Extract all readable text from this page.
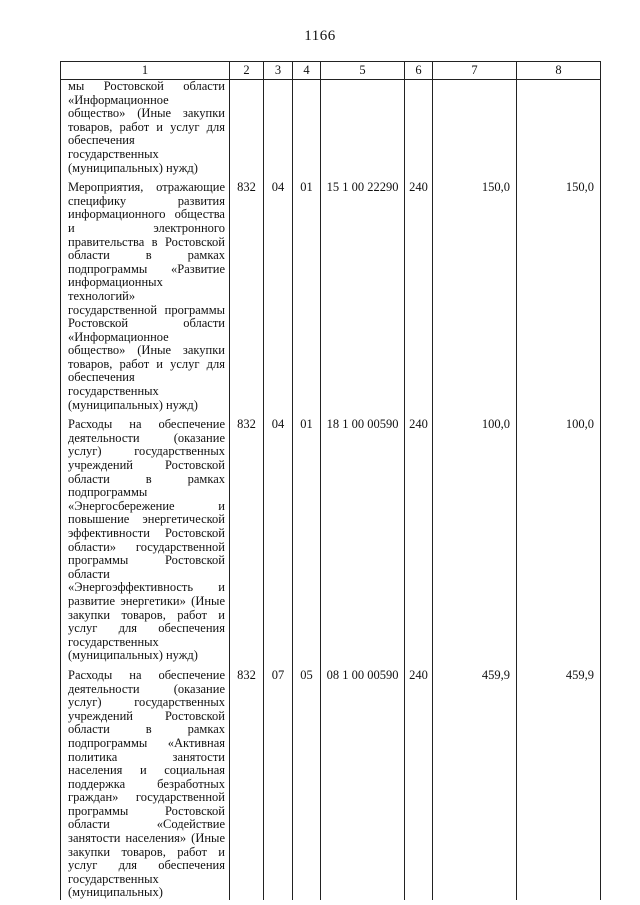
1166
1	2	3	4	5	6	7	8
мы Ростовской области «Информационное общество» (Иные закупки товаров, работ и услуг для обеспечения государственных (муниципальных) нужд)							
Мероприятия, отражающие специфику развития информационного общества и электронного правительства в Ростовской области в рамках подпрограммы «Развитие информационных технологий» государственной программы Ростовской области «Информационное общество» (Иные закупки товаров, работ и услуг для обеспечения государственных (муниципальных) нужд)	832	04	01	15 1 00 22290	240	150,0	150,0
Расходы на обеспечение деятельности (оказание услуг) государственных учреждений Ростовской области в рамках подпрограммы «Энергосбережение и повышение энергетической эффективности Ростовской области» государственной программы Ростовской области «Энергоэффективность и развитие энергетики» (Иные закупки товаров, работ и услуг для обеспечения государственных (муниципальных) нужд)	832	04	01	18 1 00 00590	240	100,0	100,0
Расходы на обеспечение деятельности (оказание услуг) государственных учреждений Ростовской области в рамках подпрограммы «Активная политика занятости населения и социальная поддержка безработных граждан» государственной программы Ростовской области «Содействие занятости населения» (Иные закупки товаров, работ и услуг для обеспечения государственных (муниципальных)	832	07	05	08 1 00 00590	240	459,9	459,9
